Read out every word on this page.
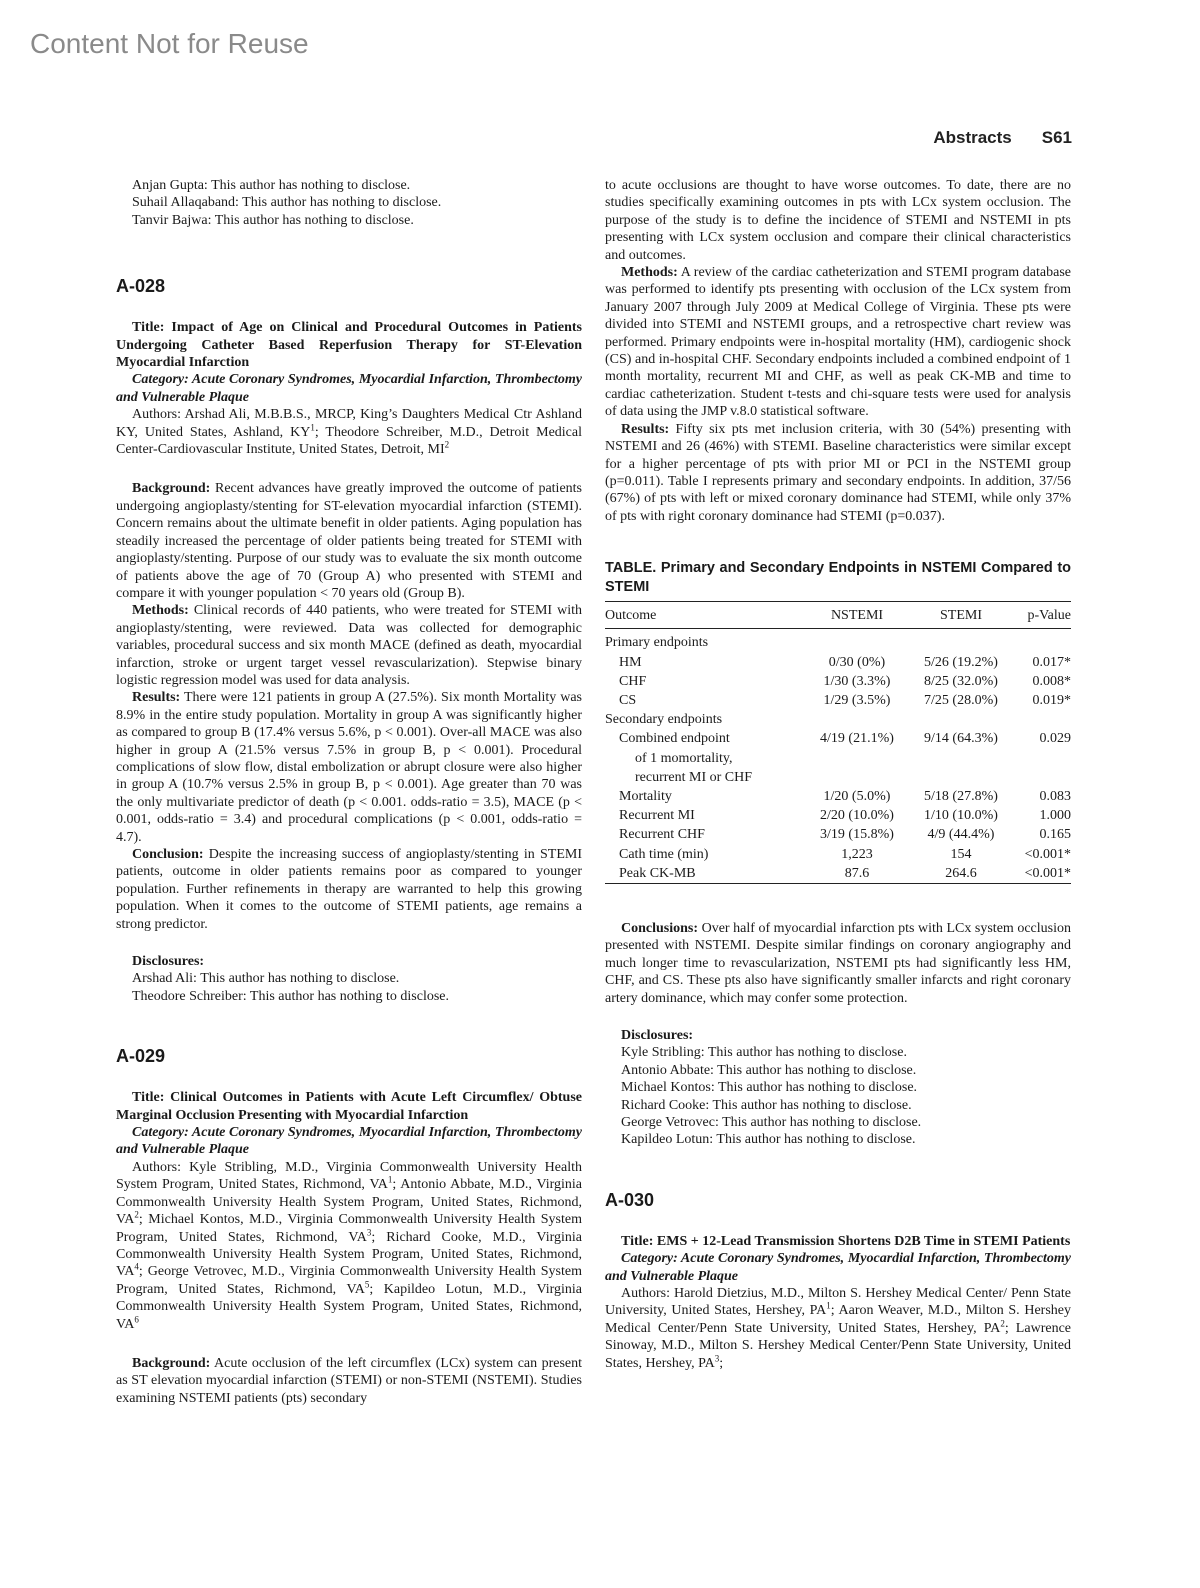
Content Not for Reuse
Abstracts S61

Anjan Gupta: This author has nothing to disclose.

Suhail Allaqaband: This author has nothing to disclose.

Tanvir Bajwa: This author has nothing to disclose.

A-028

Title: Impact of Age on Clinical and Procedural Outcomes in Patients Undergoing Catheter Based Reperfusion Therapy for ST-Elevation Myocardial Infarction

Category: Acute Coronary Syndromes, Myocardial Infarction, Thrombectomy and Vulnerable Plaque

Authors: Arshad Ali, M.B.B.S., MRCP, King’s Daughters Medical Ctr Ashland KY, United States, Ashland, $KY^1$; Theodore Schreiber, M.D., Detroit Medical Center-Cardiovascular Institute, United States, Detroit, $MI^2$

Background: Recent advances have greatly improved the outcome of patients undergoing angioplasty/stenting for ST-elevation myocardial infarction (STEMI). Concern remains about the ultimate benefit in older patients. Aging population has steadily increased the percentage of older patients being treated for STEMI with angioplasty/stenting. Purpose of our study was to evaluate the six month outcome of patients above the age of 70 (Group A) who presented with STEMI and compare it with younger population < 70 years old (Group B).

Methods: Clinical records of 440 patients, who were treated for STEMI with angioplasty/stenting, were reviewed. Data was collected for demographic variables, procedural success and six month MACE (defined as death, myocardial infarction, stroke or urgent target vessel revascularization). Stepwise binary logistic regression model was used for data analysis.

Results: There were 121 patients in group A (27.5%). Six month Mortality was 8.9% in the entire study population. Mortality in group A was significantly higher as compared to group B (17.4% versus 5.6%, p < 0.001). Over-all MACE was also higher in group A (21.5% versus 7.5% in group B, p < 0.001). Procedural complications of slow flow, distal embolization or abrupt closure were also higher in group A (10.7% versus 2.5% in group B, p < 0.001). Age greater than 70 was the only multivariate predictor of death (p < 0.001. odds-ratio = 3.5), MACE (p < 0.001, odds-ratio = 3.4) and procedural complications (p < 0.001, odds-ratio = 4.7).

Conclusion: Despite the increasing success of angioplasty/stenting in STEMI patients, outcome in older patients remains poor as compared to younger population. Further refinements in therapy are warranted to help this growing population. When it comes to the outcome of STEMI patients, age remains a strong predictor.

Disclosures:

Arshad Ali: This author has nothing to disclose.

Theodore Schreiber: This author has nothing to disclose.

A-029

Title: Clinical Outcomes in Patients with Acute Left Circumflex/ Obtuse Marginal Occlusion Presenting with Myocardial Infarction

Category: Acute Coronary Syndromes, Myocardial Infarction, Thrombectomy and Vulnerable Plaque

Authors: Kyle Stribling, M.D., Virginia Commonwealth University Health System Program, United States, Richmond, $VA^1$; Antonio Abbate, M.D., Virginia Commonwealth University Health System Program, United States, Richmond, $VA^2$; Michael Kontos, M.D., Virginia Commonwealth University Health System Program, United States, Richmond, $VA^3$; Richard Cooke, M.D., Virginia Commonwealth University Health System Program, United States, Richmond, $VA^4$; George Vetrovec, M.D., Virginia Commonwealth University Health System Program, United States, Richmond, $VA^5$; Kapildeo Lotun, M.D., Virginia Commonwealth University Health System Program, United States, Richmond, $VA^6$

Background: Acute occlusion of the left circumflex (LCx) system can present as ST elevation myocardial infarction (STEMI) or non-STEMI (NSTEMI). Studies examining NSTEMI patients (pts) secondary

to acute occlusions are thought to have worse outcomes. To date, there are no studies specifically examining outcomes in pts with LCx system occlusion. The purpose of the study is to define the incidence of STEMI and NSTEMI in pts presenting with LCx system occlusion and compare their clinical characteristics and outcomes.

Methods: A review of the cardiac catheterization and STEMI program database was performed to identify pts presenting with occlusion of the LCx system from January 2007 through July 2009 at Medical College of Virginia. These pts were divided into STEMI and NSTEMI groups, and a retrospective chart review was performed. Primary endpoints were in-hospital mortality (HM), cardiogenic shock (CS) and in-hospital CHF. Secondary endpoints included a combined endpoint of 1 month mortality, recurrent MI and CHF, as well as peak CK-MB and time to cardiac catheterization. Student t-tests and chi-square tests were used for analysis of data using the JMP v.8.0 statistical software.

Results: Fifty six pts met inclusion criteria, with 30 (54%) presenting with NSTEMI and 26 (46%) with STEMI. Baseline characteristics were similar except for a higher percentage of pts with prior MI or PCI in the NSTEMI group (p=0.011). Table I represents primary and secondary endpoints. In addition, 37/56 (67%) of pts with left or mixed coronary dominance had STEMI, while only 37% of pts with right coronary dominance had STEMI (p=0.037).

TABLE. Primary and Secondary Endpoints in NSTEMI Compared to STEMI

Outcome	NSTEMI	STEMI	p-Value
Primary endpoints			
HM	0/30 (0%)	5/26 (19.2%)	0.017*
CHF	1/30 (3.3%)	8/25 (32.0%)	0.008*
CS	1/29 (3.5%)	7/25 (28.0%)	0.019*
Secondary endpoints			
Combined endpoint	4/19 (21.1%)	9/14 (64.3%)	0.029
of 1 momortality,			
recurrent MI or CHF			
Mortality	1/20 (5.0%)	5/18 (27.8%)	0.083
Recurrent MI	2/20 (10.0%)	1/10 (10.0%)	1.000
Recurrent CHF	3/19 (15.8%)	4/9 (44.4%)	0.165
Cath time (min)	1,223	154	<0.001*
Peak CK-MB	87.6	264.6	<0.001*

Conclusions: Over half of myocardial infarction pts with LCx system occlusion presented with NSTEMI. Despite similar findings on coronary angiography and much longer time to revascularization, NSTEMI pts had significantly less HM, CHF, and CS. These pts also have significantly smaller infarcts and right coronary artery dominance, which may confer some protection.

Disclosures:

Kyle Stribling: This author has nothing to disclose.

Antonio Abbate: This author has nothing to disclose.

Michael Kontos: This author has nothing to disclose.

Richard Cooke: This author has nothing to disclose.

George Vetrovec: This author has nothing to disclose.

Kapildeo Lotun: This author has nothing to disclose.

A-030

Title: EMS + 12-Lead Transmission Shortens D2B Time in STEMI Patients

Category: Acute Coronary Syndromes, Myocardial Infarction, Thrombectomy and Vulnerable Plaque

Authors: Harold Dietzius, M.D., Milton S. Hershey Medical Center/ Penn State University, United States, Hershey, $PA^1$; Aaron Weaver, M.D., Milton S. Hershey Medical Center/Penn State University, United States, Hershey, $PA^2$; Lawrence Sinoway, M.D., Milton S. Hershey Medical Center/Penn State University, United States, Hershey, $PA^3$;
